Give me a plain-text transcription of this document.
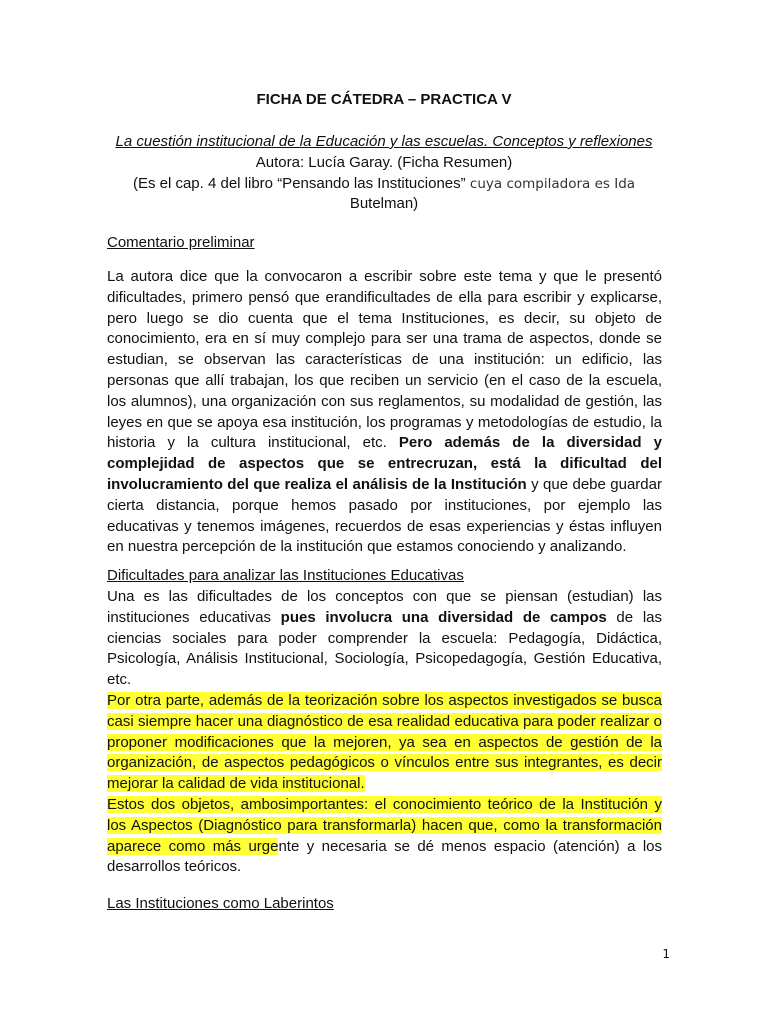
FICHA DE CÁTEDRA – PRACTICA V

La cuestión institucional de la Educación y las escuelas. Conceptos y reflexiones

Autora: Lucía Garay. (Ficha Resumen)

(Es el cap. 4 del libro “Pensando las Instituciones” cuya compiladora es Ida

Butelman)

Comentario preliminar

La autora dice que la convocaron a escribir sobre este tema y que le presentó dificultades, primero pensó que erandificultades de ella para escribir y explicarse, pero luego se dio cuenta que el tema Instituciones, es decir, su objeto de conocimiento, era en sí muy complejo para ser una trama de aspectos, donde se estudian, se observan las características de una institución: un edificio, las personas que allí trabajan, los que reciben un servicio (en el caso de la escuela, los alumnos), una organización con sus reglamentos, su modalidad de gestión, las leyes en que se apoya esa institución, los programas y metodologías de estudio, la historia y la cultura institucional, etc. Pero además de la diversidad y complejidad de aspectos que se entrecruzan, está la dificultad del involucramiento del que realiza el análisis de la Institución y que debe guardar cierta distancia, porque hemos pasado por instituciones, por ejemplo las educativas y tenemos imágenes, recuerdos de esas experiencias y éstas influyen en nuestra percepción de la institución que estamos conociendo y analizando.

Dificultades para analizar las Instituciones Educativas

Una es las dificultades de los conceptos con que se piensan (estudian) las instituciones educativas pues involucra una diversidad de campos de las ciencias sociales para poder comprender la escuela: Pedagogía, Didáctica, Psicología, Análisis Institucional, Sociología, Psicopedagogía, Gestión Educativa, etc.

Por otra parte, además de la teorización sobre los aspectos investigados se busca casi siempre hacer una diagnóstico de esa realidad educativa para poder realizar o proponer modificaciones que la mejoren, ya sea en aspectos de gestión de la organización, de aspectos pedagógicos o vínculos entre sus integrantes, es decir mejorar la calidad de vida institucional.

Estos dos objetos, ambosimportantes: el conocimiento teórico de la Institución y los Aspectos (Diagnóstico para transformarla) hacen que, como la transformación aparece como más urgente y necesaria se dé menos espacio (atención) a los desarrollos teóricos.

Las Instituciones como Laberintos

1
